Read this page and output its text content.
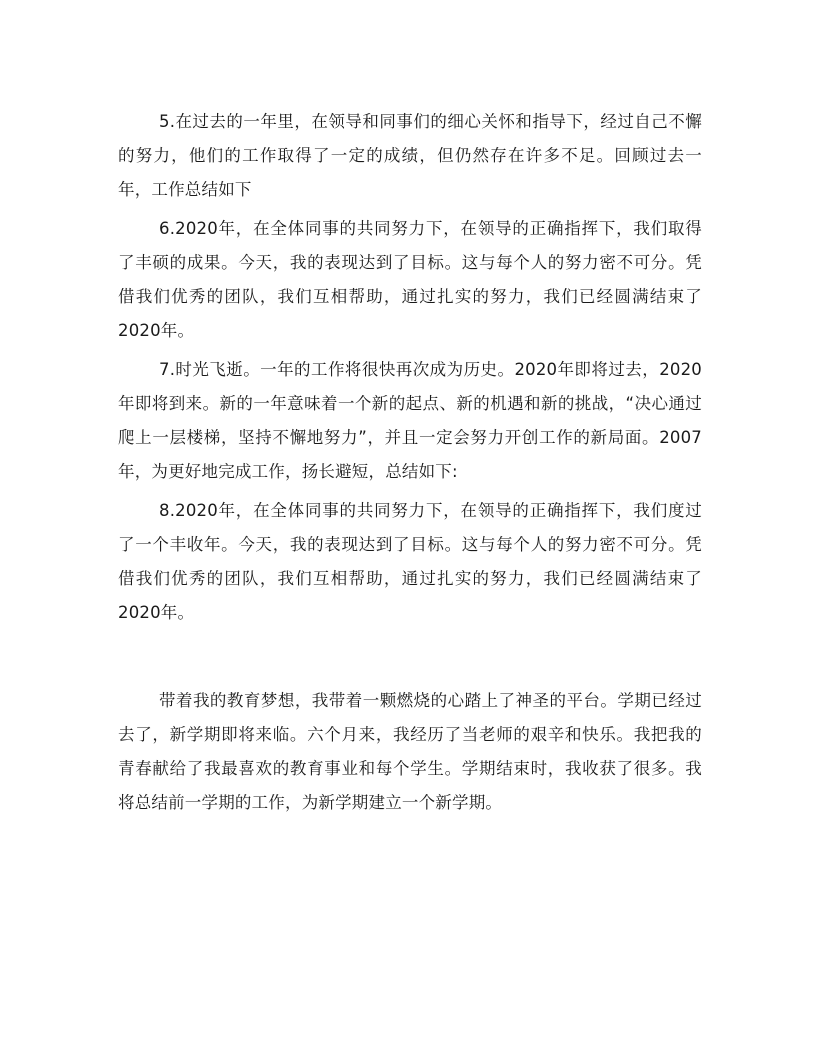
5.在过去的一年里，在领导和同事们的细心关怀和指导下，经过自己不懈的努力，他们的工作取得了一定的成绩，但仍然存在许多不足。回顾过去一年，工作总结如下

6.2020年，在全体同事的共同努力下，在领导的正确指挥下，我们取得了丰硕的成果。今天，我的表现达到了目标。这与每个人的努力密不可分。凭借我们优秀的团队，我们互相帮助，通过扎实的努力，我们已经圆满结束了2020年。

7.时光飞逝。一年的工作将很快再次成为历史。2020年即将过去，2020年即将到来。新的一年意味着一个新的起点、新的机遇和新的挑战，“决心通过爬上一层楼梯，坚持不懈地努力”，并且一定会努力开创工作的新局面。2007年，为更好地完成工作，扬长避短，总结如下:

8.2020年，在全体同事的共同努力下，在领导的正确指挥下，我们度过了一个丰收年。今天，我的表现达到了目标。这与每个人的努力密不可分。凭借我们优秀的团队，我们互相帮助，通过扎实的努力，我们已经圆满结束了2020年。

带着我的教育梦想，我带着一颗燃烧的心踏上了神圣的平台。学期已经过去了，新学期即将来临。六个月来，我经历了当老师的艰辛和快乐。我把我的青春献给了我最喜欢的教育事业和每个学生。学期结束时，我收获了很多。我将总结前一学期的工作，为新学期建立一个新学期。
